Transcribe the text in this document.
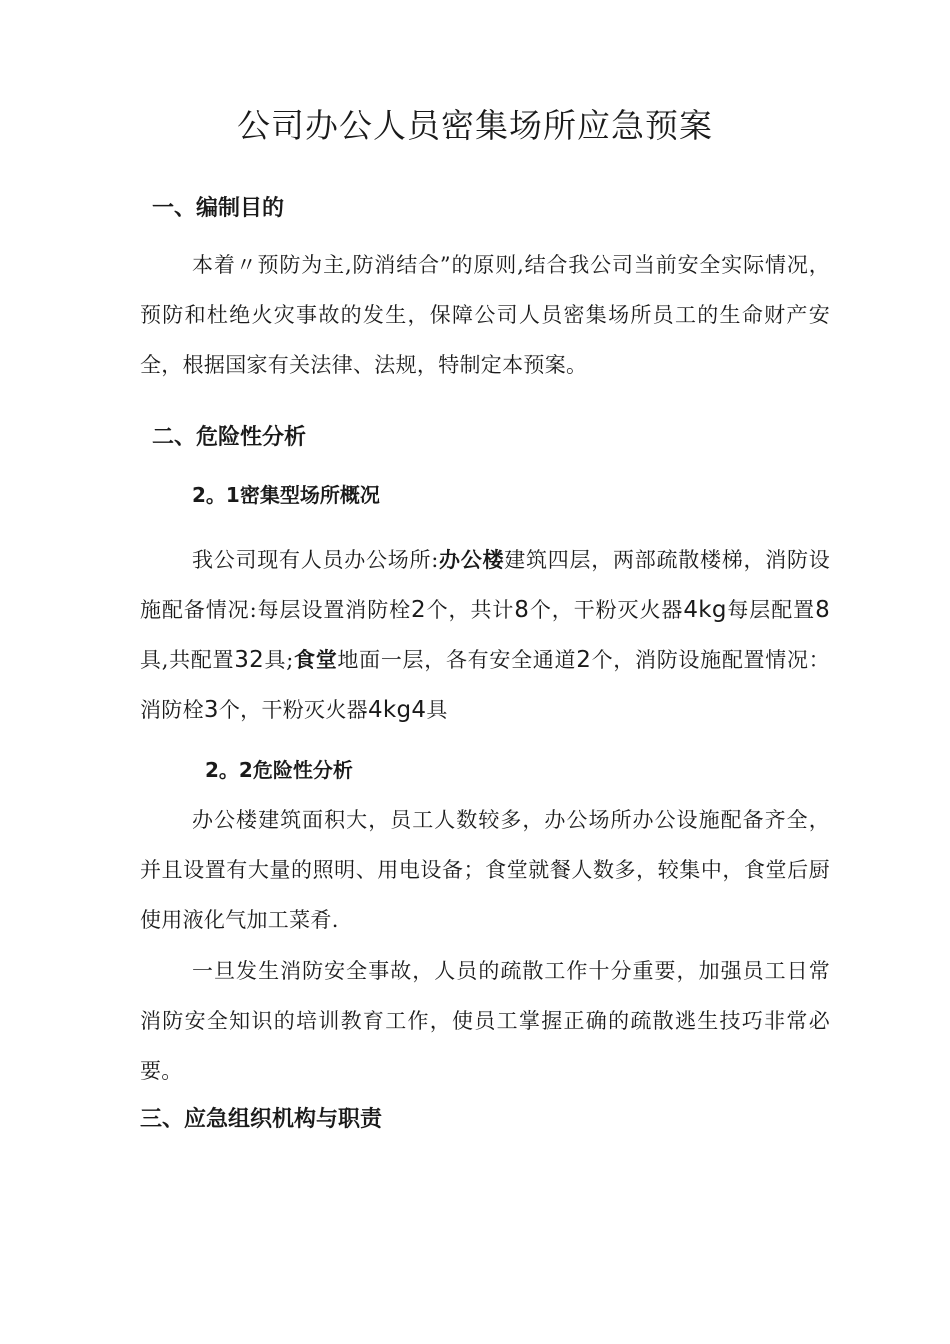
公司办公人员密集场所应急预案
一、编制目的

本着〃预防为主,防消结合”的原则,结合我公司当前安全实际情况，预防和杜绝火灾事故的发生，保障公司人员密集场所员工的生命财产安全，根据国家有关法律、法规，特制定本预案。

二、危险性分析
2。1密集型场所概况

我公司现有人员办公场所:办公楼建筑四层，两部疏散楼梯，消防设施配备情况:每层设置消防栓2个，共计8个，干粉灭火器4kg每层配置8具,共配置32具;食堂地面一层，各有安全通道2个，消防设施配置情况：消防栓3个，干粉灭火器4kg4具

2。2危险性分析

办公楼建筑面积大，员工人数较多，办公场所办公设施配备齐全，并且设置有大量的照明、用电设备；食堂就餐人数多，较集中，食堂后厨使用液化气加工菜肴.

一旦发生消防安全事故，人员的疏散工作十分重要，加强员工日常消防安全知识的培训教育工作，使员工掌握正确的疏散逃生技巧非常必要。

三、应急组织机构与职责
